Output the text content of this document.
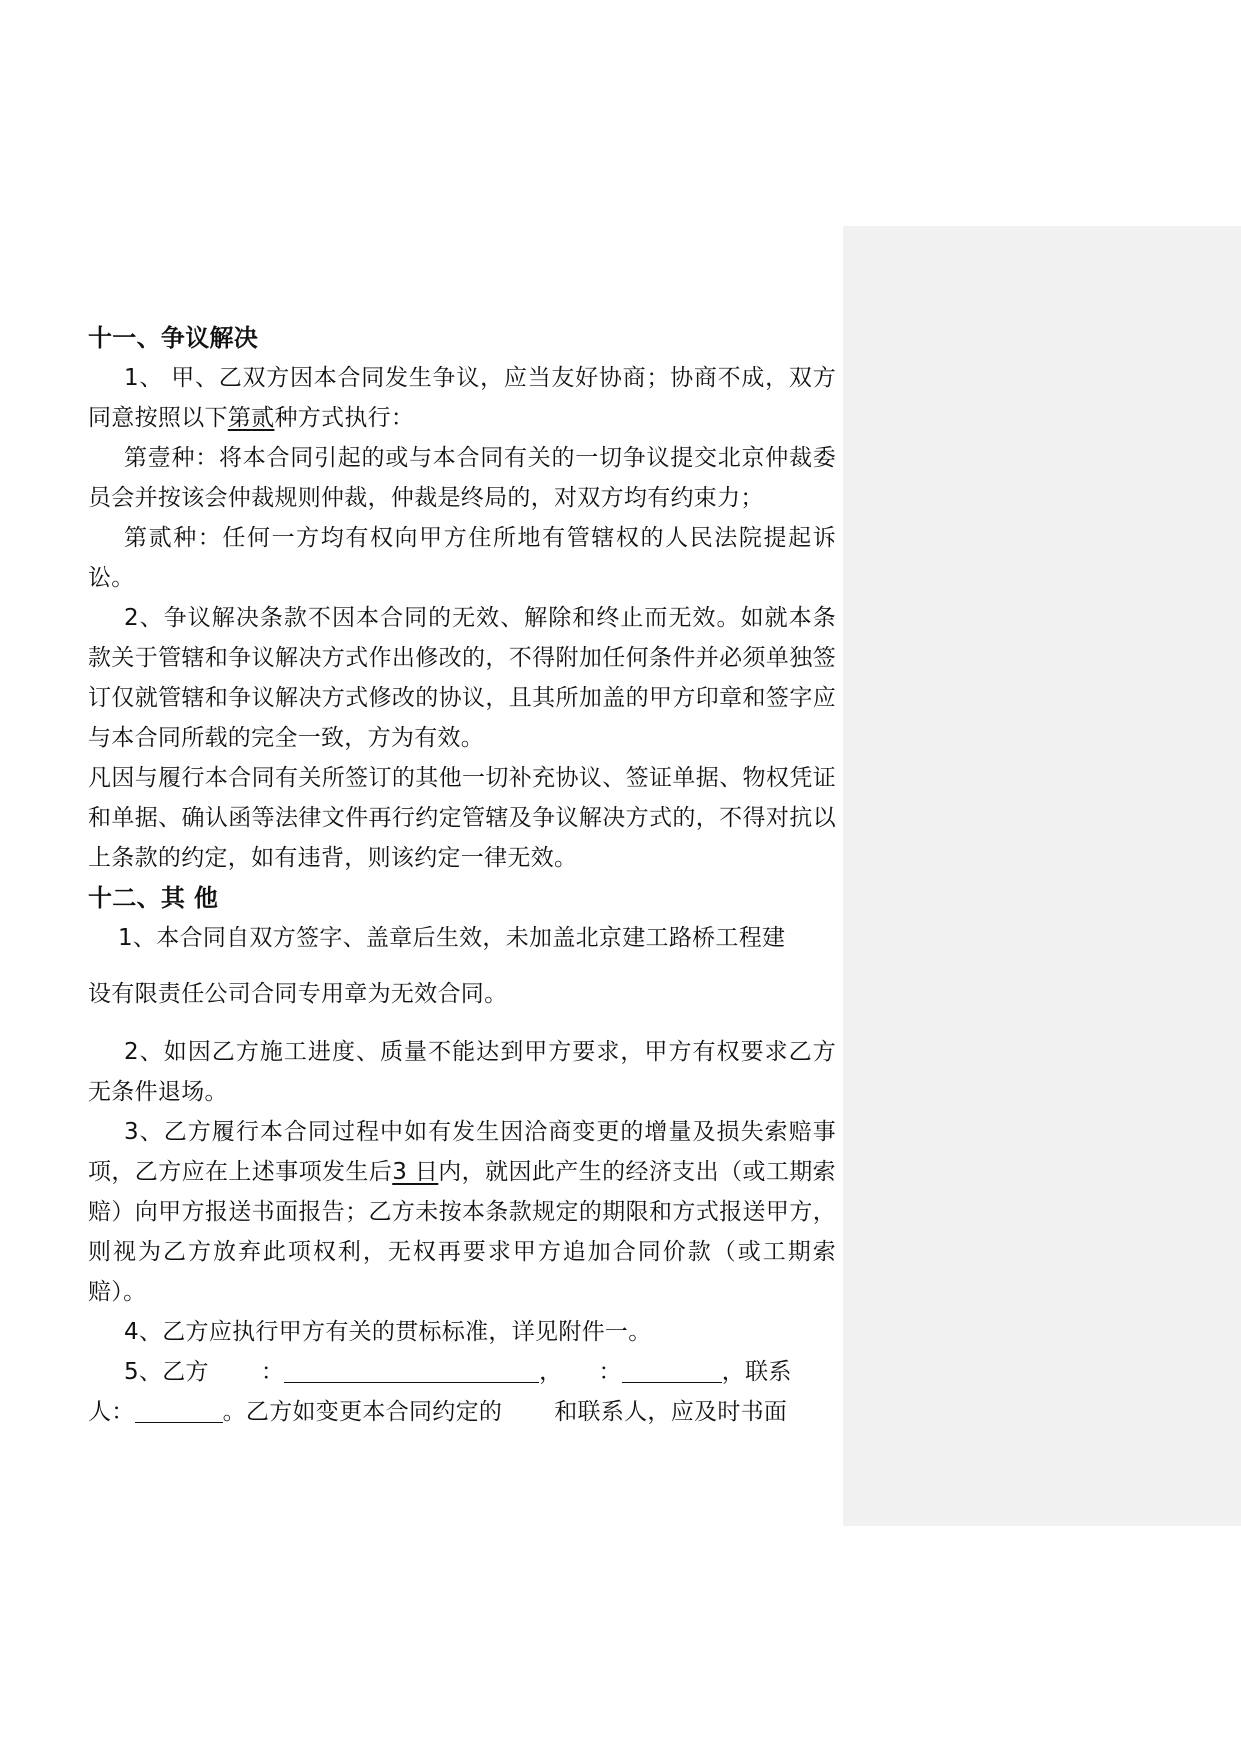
十一、争议解决
1、 甲、乙双方因本合同发生争议，应当友好协商；协商不成，双方同意按照以下第贰种方式执行：
第壹种：将本合同引起的或与本合同有关的一切争议提交北京仲裁委员会并按该会仲裁规则仲裁，仲裁是终局的，对双方均有约束力；
第贰种：任何一方均有权向甲方住所地有管辖权的人民法院提起诉讼。
2、争议解决条款不因本合同的无效、解除和终止而无效。如就本条款关于管辖和争议解决方式作出修改的，不得附加任何条件并必须单独签订仅就管辖和争议解决方式修改的协议，且其所加盖的甲方印章和签字应与本合同所载的完全一致，方为有效。
凡因与履行本合同有关所签订的其他一切补充协议、签证单据、物权凭证和单据、确认函等法律文件再行约定管辖及争议解决方式的，不得对抗以上条款的约定，如有违背，则该约定一律无效。
十二、其 他
1、本合同自双方签字、盖章后生效，未加盖北京建工路桥工程建
设有限责任公司合同专用章为无效合同。
2、如因乙方施工进度、质量不能达到甲方要求，甲方有权要求乙方无条件退场。
3、乙方履行本合同过程中如有发生因洽商变更的增量及损失索赔事项，乙方应在上述事项发生后3 日内，就因此产生的经济支出（或工期索赔）向甲方报送书面报告；乙方未按本条款规定的期限和方式报送甲方，则视为乙方放弃此项权利，无权再要求甲方追加合同价款（或工期索赔）。
4、乙方应执行甲方有关的贯标标准，详见附件一。
5、乙方 ：	， ：	，联系
人：	。乙方如变更本合同约定的 和联系人，应及时书面
